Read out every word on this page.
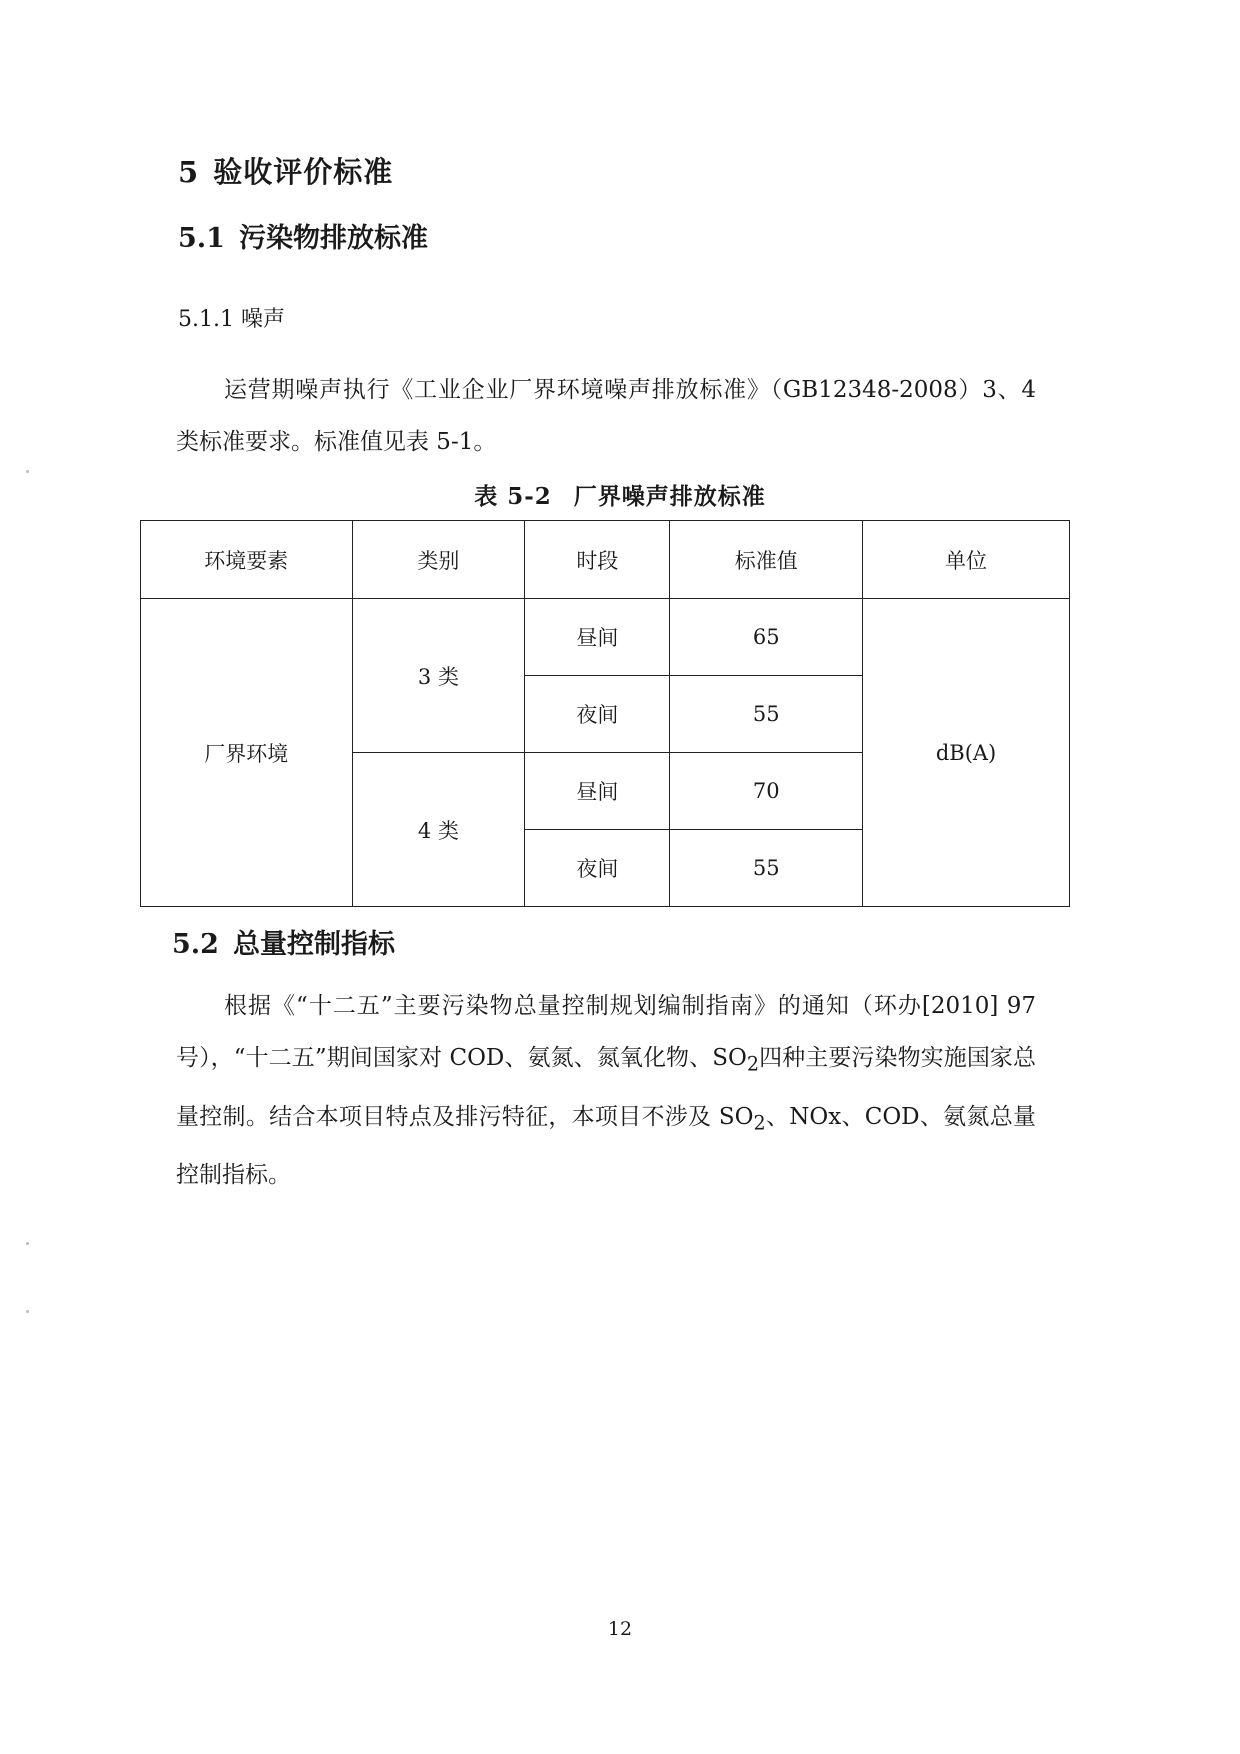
5 验收评价标准
5.1 污染物排放标准
5.1.1 噪声
运营期噪声执行《工业企业厂界环境噪声排放标准》（GB12348-2008）3、4 类标准要求。标准值见表 5-1。
表 5-2 厂界噪声排放标准
环境要素	类别	时段	标准值	单位
厂界环境	3 类	昼间	65	dB(A)
		夜间	55	
	4 类	昼间	70	
		夜间	55	
5.2 总量控制指标
根据《“十二五”主要污染物总量控制规划编制指南》的通知（环办[2010] 97 号），“十二五”期间国家对 COD、氨氮、氮氧化物、$SO_2$四种主要污染物实施国家总量控制。结合本项目特点及排污特征，本项目不涉及 $SO_2$、NOx、COD、氨氮总量控制指标。
12
